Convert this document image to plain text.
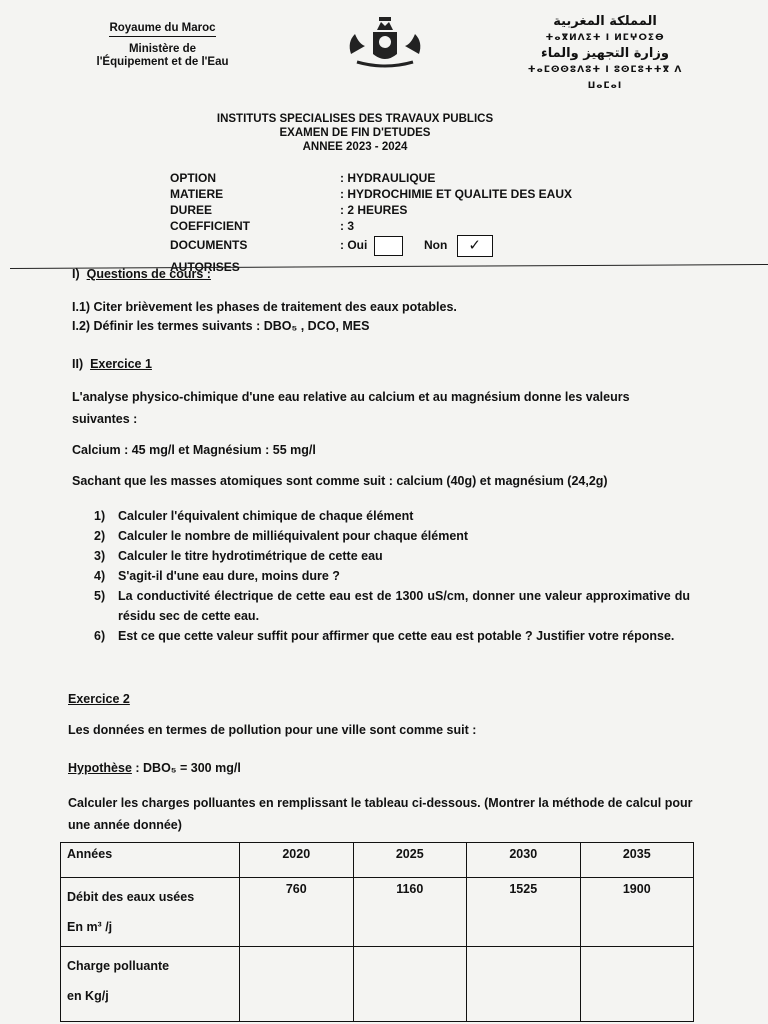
Royaume du Maroc
Ministère de
l'Équipement et de l'Eau
المملكة المغربية
ⵜⴰⴳⵍⴷⵉⵜ ⵏ ⵍⵎⵖⵔⵉⴱ
وزارة التجهيز والماء
ⵜⴰⵎⵙⵙⵓⴷⵓⵜ ⵏ ⵓⵙⵎⵓⵜⵜⴳ ⴷ ⵡⴰⵎⴰⵏ
INSTITUTS SPECIALISES DES TRAVAUX PUBLICS
EXAMEN DE FIN D'ETUDES
ANNEE 2023 - 2024
OPTION	: HYDRAULIQUE
MATIERE	: HYDROCHIMIE ET QUALITE DES EAUX
DUREE	: 2 HEURES
COEFFICIENT	: 3
DOCUMENTS	: Oui	Non ✓
I) Questions de cours :
I.1) Citer brièvement les phases de traitement des eaux potables.
I.2) Définir les termes suivants : DBO₅ , DCO, MES
II) Exercice 1
L'analyse physico-chimique d'une eau relative au calcium et au magnésium donne les valeurs suivantes :
Calcium : 45 mg/l et Magnésium : 55 mg/l
Sachant que les masses atomiques sont comme suit : calcium (40g) et magnésium (24,2g)
1) Calculer l'équivalent chimique de chaque élément
2) Calculer le nombre de milliéquivalent pour chaque élément
3) Calculer le titre hydrotimétrique de cette eau
4) S'agit-il d'une eau dure, moins dure ?
5) La conductivité électrique de cette eau est de 1300 uS/cm, donner une valeur approximative du résidu sec de cette eau.
6) Est ce que cette valeur suffit pour affirmer que cette eau est potable ? Justifier votre réponse.
Exercice 2
Les données en termes de pollution pour une ville sont comme suit :
Hypothèse : DBO₅ = 300 mg/l
Calculer les charges polluantes en remplissant le tableau ci-dessous. (Montrer la méthode de calcul pour une année donnée)
Années	2020	2025	2030	2035

Débit des eaux usées
En m³ /j	760	1160	1525	1900

Charge polluante
en Kg/j				
